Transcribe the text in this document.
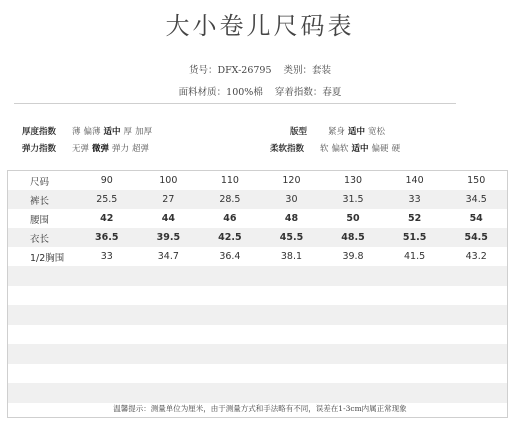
大小卷儿尺码表
货号：DFX-26795 类别：套装
面料材质：100%棉 穿着指数：春夏
厚度指数 薄 偏薄 适中 厚 加厚
弹力指数 无弹 微弹 弹力 超弹
版型 紧身 适中 宽松
柔软指数 软 偏软 适中 偏硬 硬
尺码	90	100	110	120	130	140	150
裤长	25.5	27	28.5	30	31.5	33	34.5
腰围	42	44	46	48	50	52	54
衣长	36.5	39.5	42.5	45.5	48.5	51.5	54.5
1/2胸围	33	34.7	36.4	38.1	39.8	41.5	43.2

温馨提示：测量单位为厘米，由于测量方式和手法略有不同，误差在1-3cm内属正常现象
